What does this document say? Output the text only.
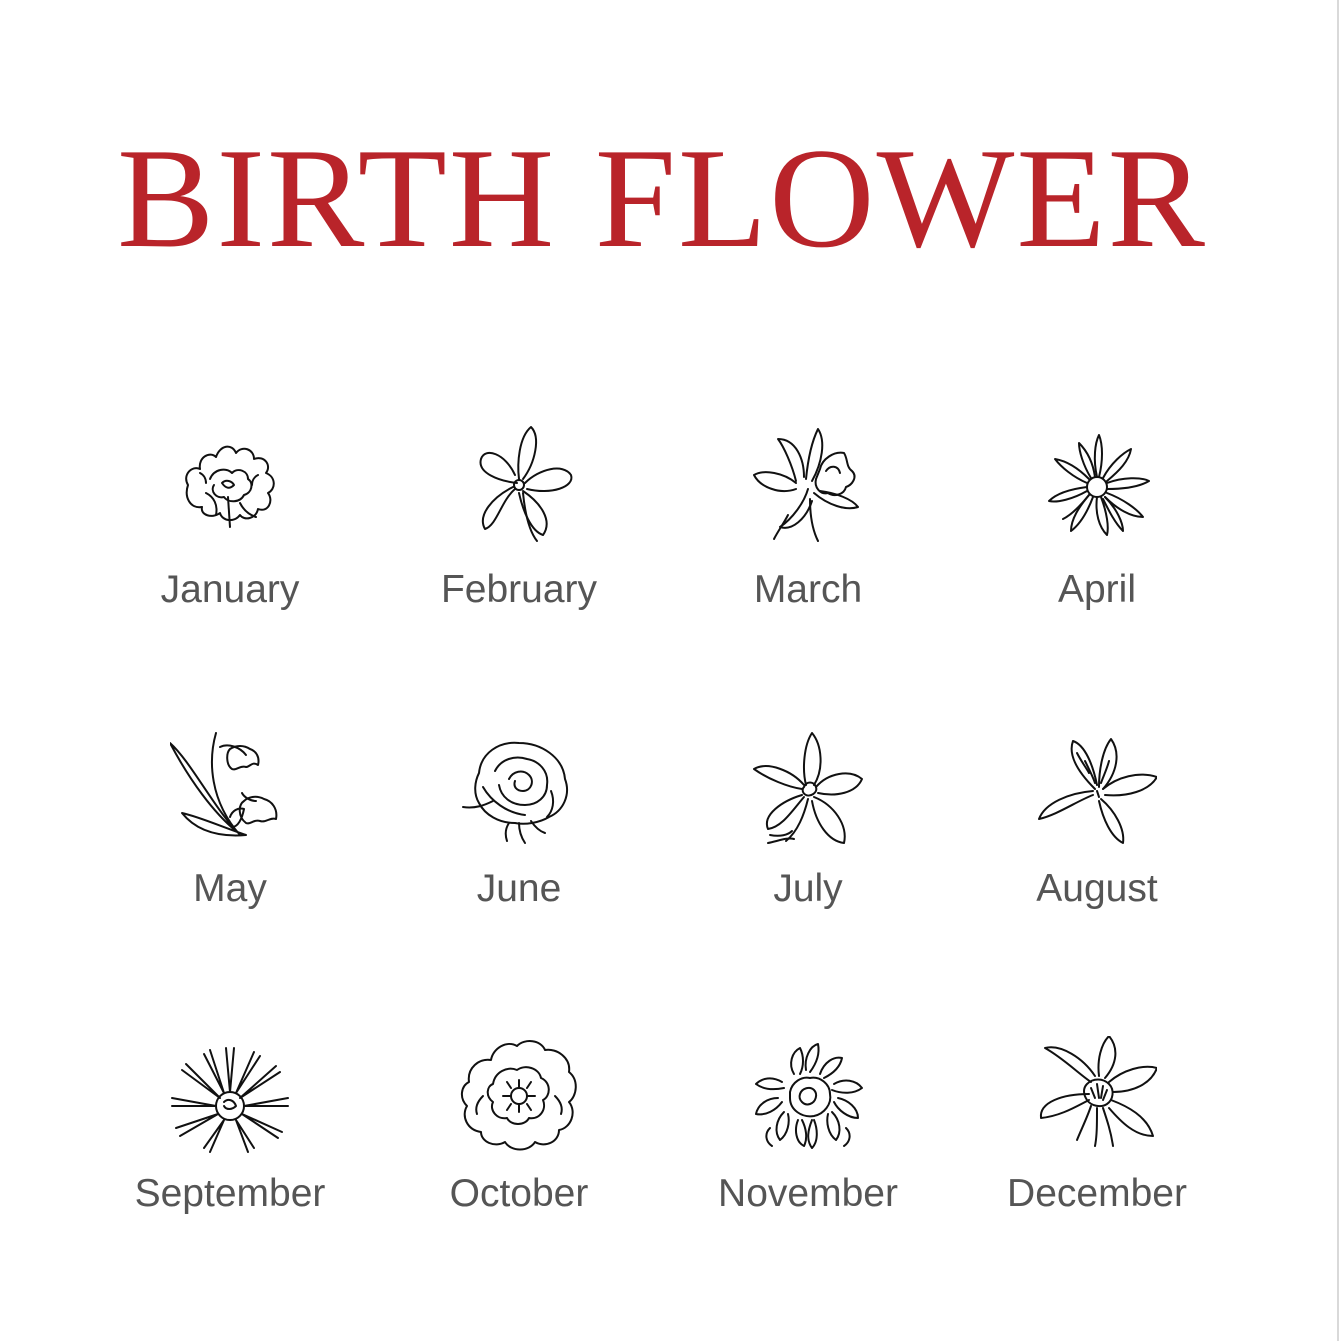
BIRTH FLOWER
January	February	March	April
May	June	July	August
September	October	November	December
